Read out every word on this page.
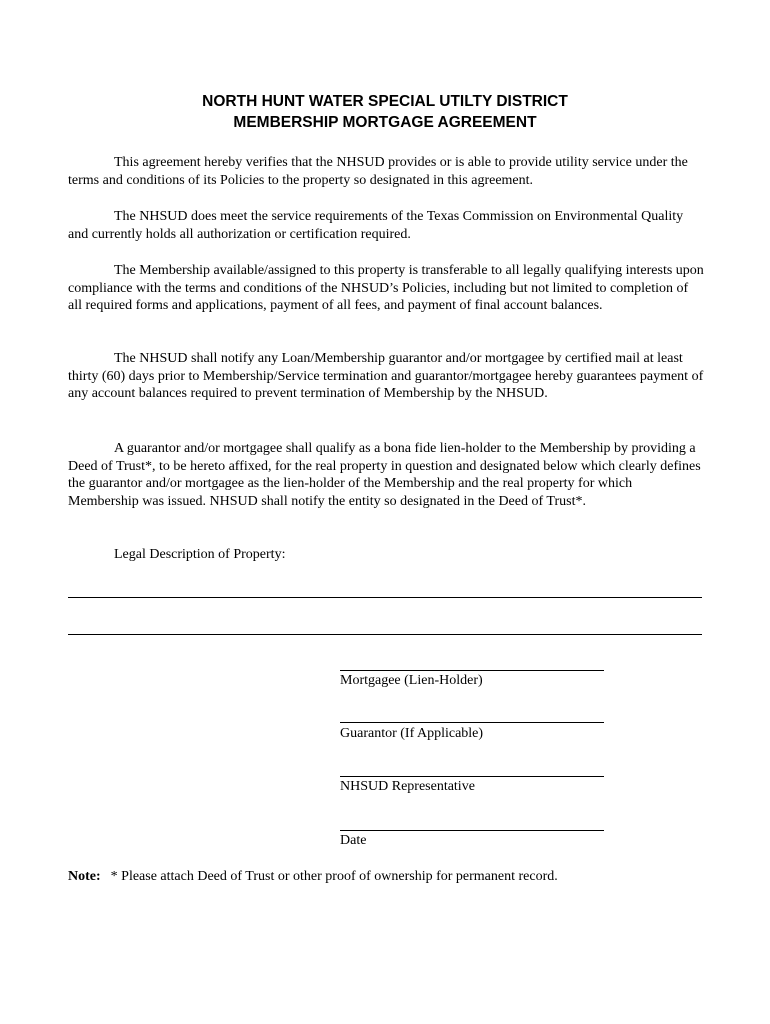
NORTH HUNT WATER SPECIAL UTILTY DISTRICT
MEMBERSHIP MORTGAGE AGREEMENT

This agreement hereby verifies that the NHSUD provides or is able to provide utility service under the terms and conditions of its Policies to the property so designated in this agreement.

The NHSUD does meet the service requirements of the Texas Commission on Environmental Quality and currently holds all authorization or certification required.

The Membership available/assigned to this property is transferable to all legally qualifying interests upon compliance with the terms and conditions of the NHSUD’s Policies, including but not limited to completion of all required forms and applications, payment of all fees, and payment of final account balances.

The NHSUD shall notify any Loan/Membership guarantor and/or mortgagee by certified mail at least thirty (60) days prior to Membership/Service termination and guarantor/mortgagee hereby guarantees payment of any account balances required to prevent termination of Membership by the NHSUD.

A guarantor and/or mortgagee shall qualify as a bona fide lien-holder to the Membership by providing a Deed of Trust*, to be hereto affixed, for the real property in question and designated below which clearly defines the guarantor and/or mortgagee as the lien-holder of the Membership and the real property for which Membership was issued. NHSUD shall notify the entity so designated in the Deed of Trust*.

Legal Description of Property:

Mortgagee (Lien-Holder)
Guarantor (If Applicable)
NHSUD Representative
Date
Note: * Please attach Deed of Trust or other proof of ownership for permanent record.
